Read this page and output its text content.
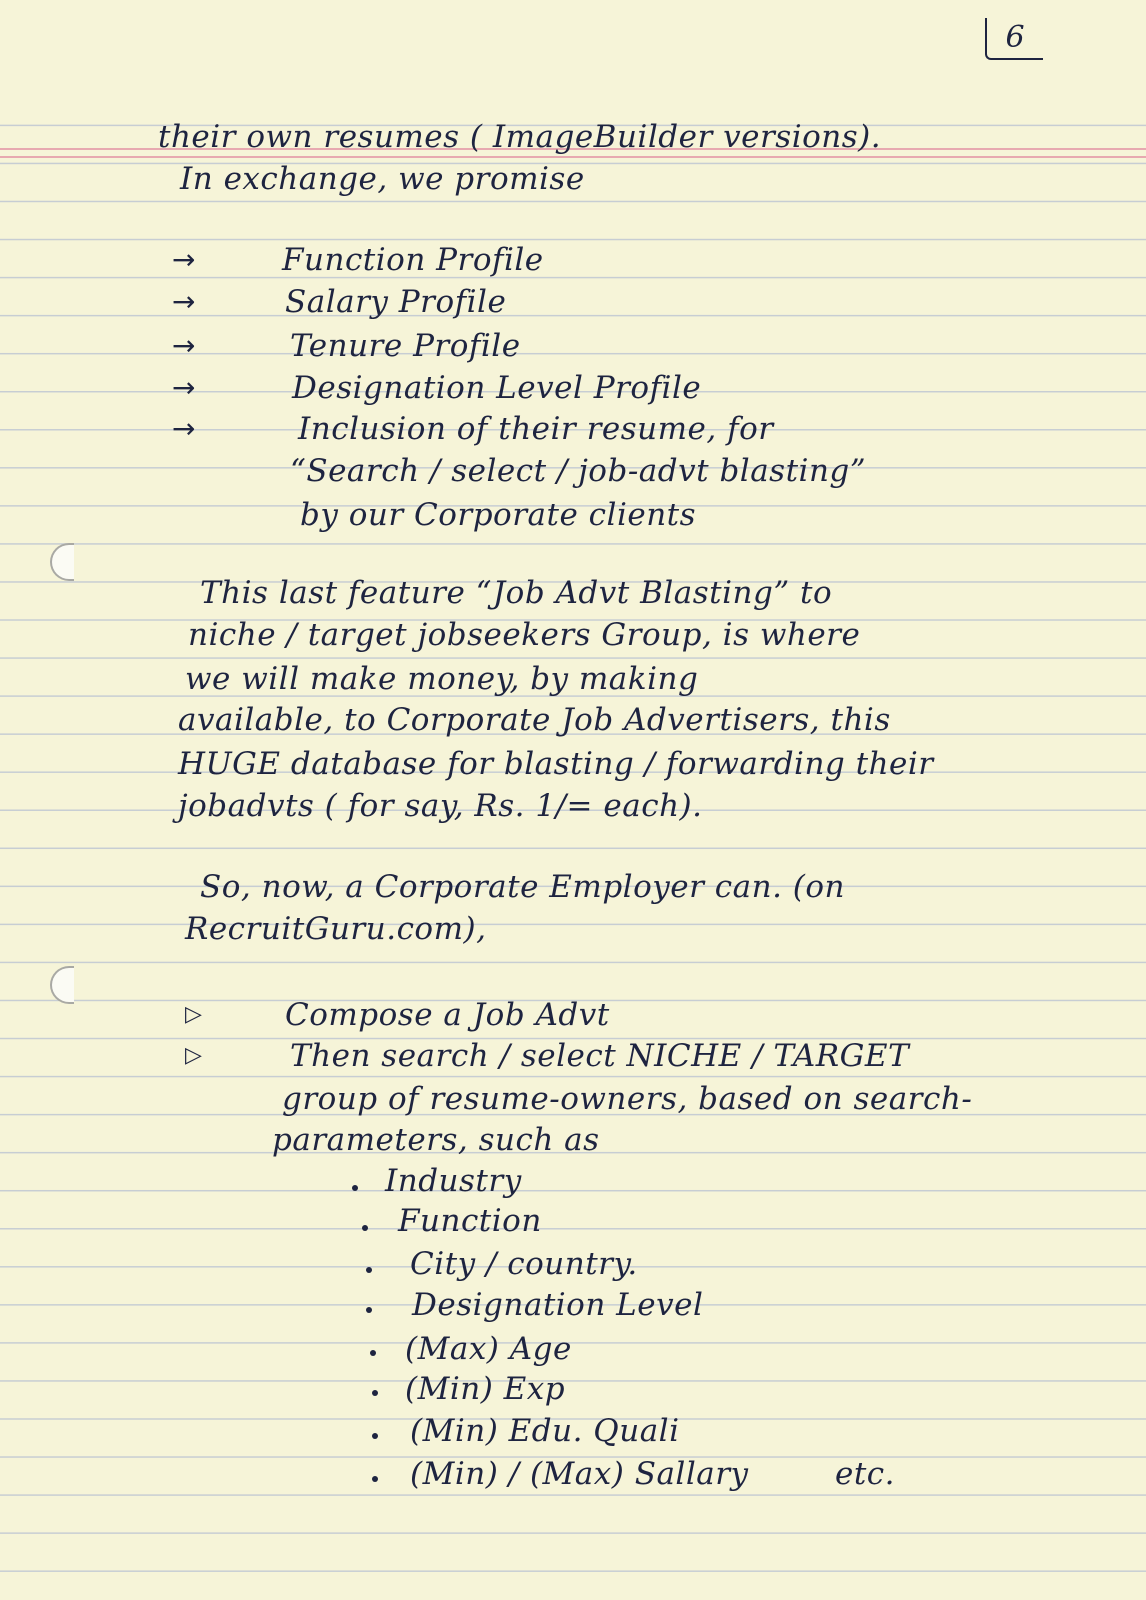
6
their own resumes ( ImageBuilder versions).
In exchange, we promise
→
→
→
→
→
Function Profile
Salary Profile
Tenure Profile
Designation Level Profile
Inclusion of their resume, for
“Search / select / job-advt blasting”
by our Corporate clients
This last feature “Job Advt Blasting” to
niche / target jobseekers Group, is where
we will make money, by making
available, to Corporate Job Advertisers, this
HUGE database for blasting / forwarding their
jobadvts ( for say, Rs. 1/= each).
So, now, a Corporate Employer can. (on
RecruitGuru.com),
▷
▷
Compose a Job Advt
Then search / select NICHE / TARGET
group of resume-owners, based on search-
parameters, such as
Industry
Function
City / country.
Designation Level
(Max) Age
(Min) Exp
(Min) Edu. Quali
(Min) / (Max) Sallary	etc.
